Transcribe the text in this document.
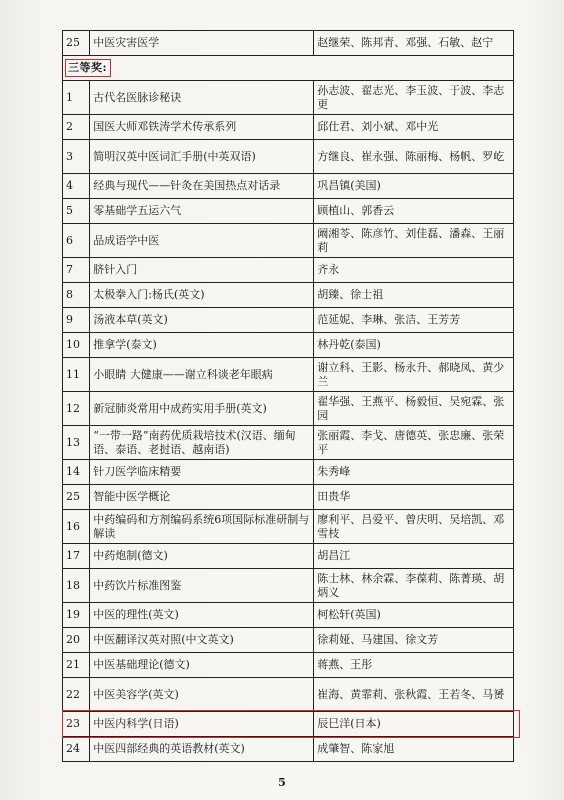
25	中医灾害医学	赵继荣、陈邦青、邓强、石敏、赵宁
三等奖:		
1	古代名医脉诊秘诀	孙志波、翟志光、李玉波、于波、李志更
2	国医大师邓铁涛学术传承系列	邱仕君、刘小斌、邓中光
3	简明汉英中医词汇手册(中英双语)	方继良、崔永强、陈丽梅、杨帆、罗屹
4	经典与现代——针灸在美国热点对话录	巩昌镇(美国)
5	零基础学五运六气	顾植山、郭香云
6	品成语学中医	阚湘苓、陈彦竹、刘佳磊、潘森、王丽莉
7	脐针入门	齐永
8	太极拳入门:杨氏(英文)	胡臻、徐士祖
9	汤液本草(英文)	范延妮、李琳、张洁、王芳芳
10	推拿学(泰文)	林丹乾(泰国)
11	小眼睛 大健康——谢立科谈老年眼病	谢立科、王影、杨永升、郝晓凤、黄少兰
12	新冠肺炎常用中成药实用手册(英文)	翟华强、王燕平、杨毅恒、吴宛霖、张园
13	“一带一路”南药优质栽培技术(汉语、缅甸语、泰语、老挝语、越南语)	张丽霞、李戈、唐德英、张忠廉、张荣平
14	针刀医学临床精要	朱秀峰
25	智能中医学概论	田贵华
16	中药编码和方剂编码系统6项国际标准研制与解读	廖利平、吕爱平、曾庆明、吴培凯、邓雪枝
17	中药炮制(德文)	胡昌江
18	中药饮片标准图鉴	陈士林、林余霖、李葆莉、陈菁瑛、胡炳义
19	中医的理性(英文)	柯松轩(英国)
20	中医翻译汉英对照(中文英文)	徐莉娅、马建国、徐文芳
21	中医基础理论(德文)	蒋燕、王彤
22	中医美容学(英文)	崔海、黄霏莉、张秋霞、王若冬、马赟
23	中医内科学(日语)	辰巳洋(日本)
24	中医四部经典的英语教材(英文)	成肇智、陈家旭
5
